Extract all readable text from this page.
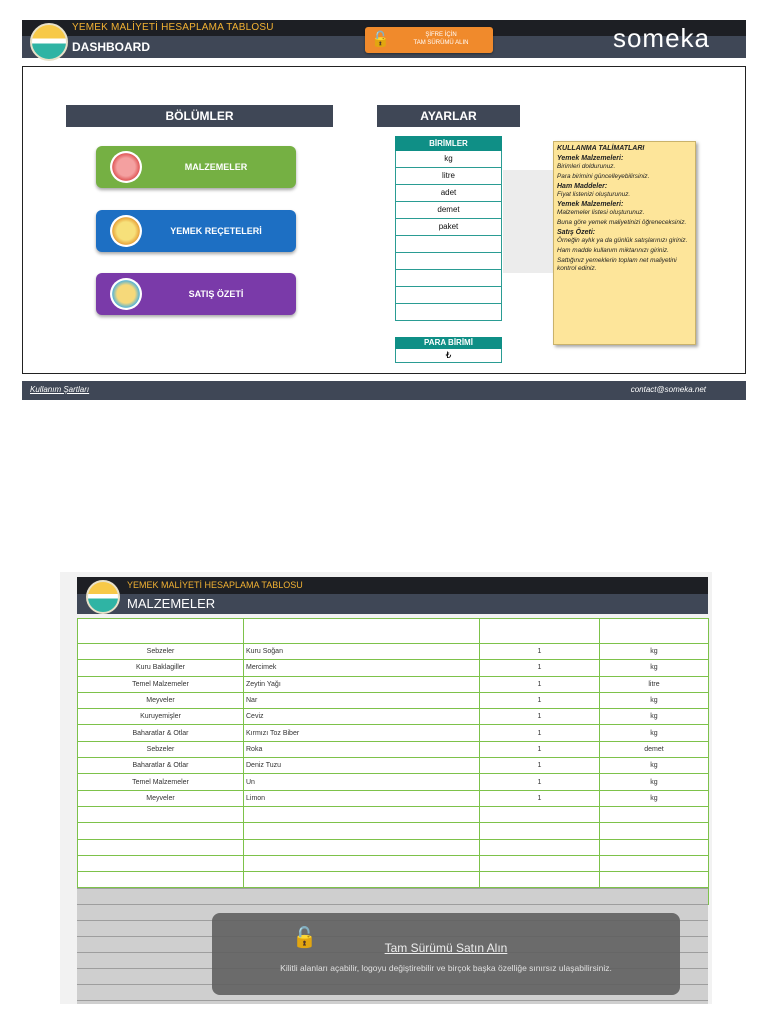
YEMEK MALİYETİ HESAPLAMA TABLOSU
DASHBOARD	🔓	ŞİFRE İÇİN
TAM SÜRÜMÜ ALIN	someka
BÖLÜMLER	AYARLAR
MALZEMELER
YEMEK REÇETELERİ
SATIŞ ÖZETİ
BİRİMLER
kg
litre
adet
demet
paket
PARA BİRİMİ
₺
KULLANMA TALİMATLARI
Yemek Malzemeleri:
Birimleri doldurunuz.
Para birimini güncelleyebilirsiniz.
Ham Maddeler:
Fiyat listenizi oluşturunuz.
Yemek Malzemeleri:
Malzemeler listesi oluşturunuz.
Buna göre yemek maliyetinizi öğreneceksiniz.
Satış Özeti:
Örneğin aylık ya da günlük satışlarınızı giriniz.
Ham madde kullanım miktarınızı giriniz.
Sattığınız yemeklerin toplam net maliyetini kontrol ediniz.
Kullanım Şartları	contact@someka.net
YEMEK MALİYETİ HESAPLAMA TABLOSU
MALZEMELER

Sebzeler	Kuru Soğan	1	kg
Kuru Baklagiller	Mercimek	1	kg
Temel Malzemeler	Zeytin Yağı	1	litre
Meyveler	Nar	1	kg
Kuruyemişler	Ceviz	1	kg
Baharatlar & Otlar	Kırmızı Toz Biber	1	kg
Sebzeler	Roka	1	demet
Baharatlar & Otlar	Deniz Tuzu	1	kg
Temel Malzemeler	Un	1	kg
Meyveler	Limon	1	kg

🔓	Tam Sürümü Satın Alın
Kilitli alanları açabilir, logoyu değiştirebilir ve birçok başka özelliğe sınırsız ulaşabilirsiniz.
